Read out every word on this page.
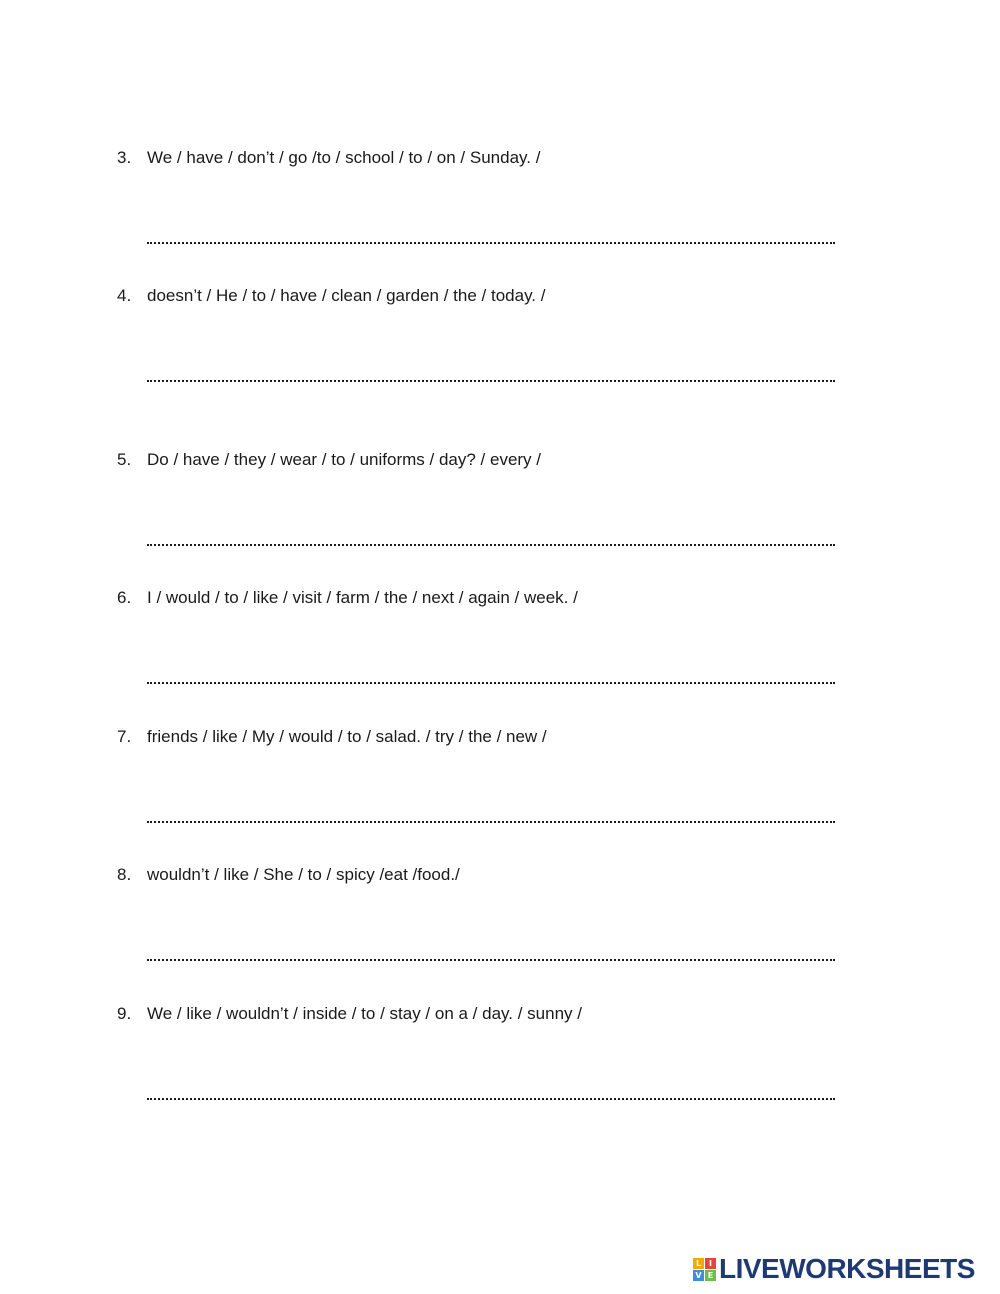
3. We / have / don’t / go /to / school / to / on / Sunday. /
4. doesn’t / He / to / have / clean / garden / the / today. /
5. Do / have / they / wear / to / uniforms / day? / every /
6. I / would / to / like / visit / farm / the / next / again / week. /
7. friends / like / My / would / to / salad. / try / the / new /
8. wouldn’t / like / She / to / spicy /eat /food./
9. We / like / wouldn’t / inside / to / stay / on a / day. / sunny /
L I
V E LIVEWORKSHEETS
